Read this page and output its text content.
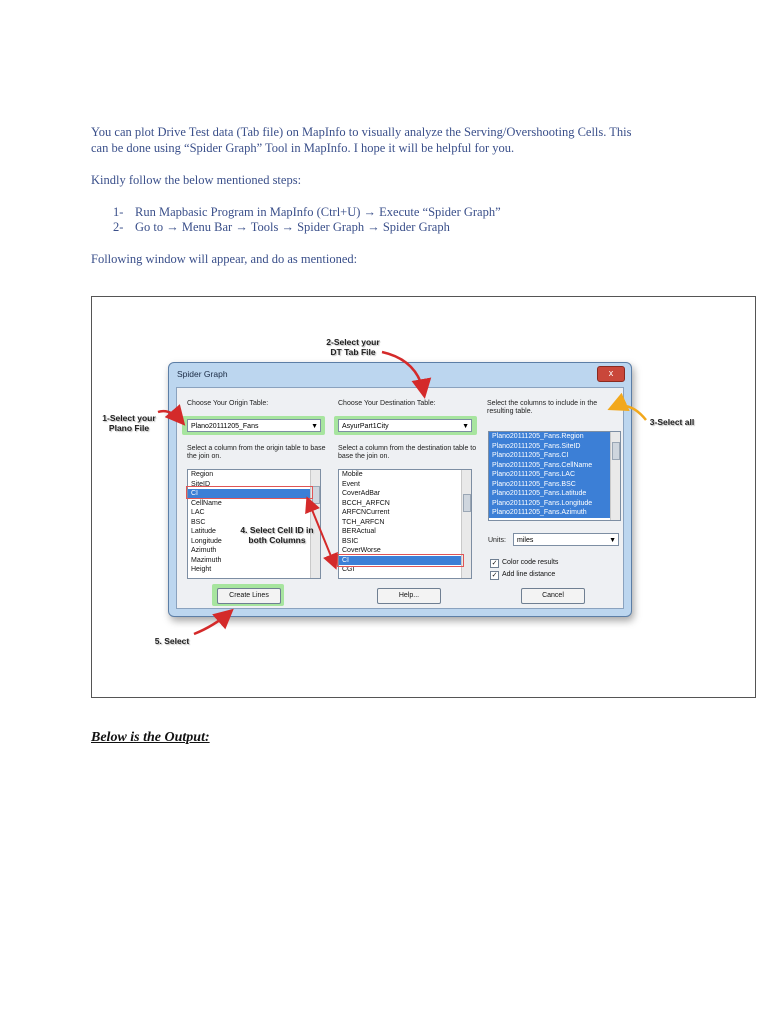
You can plot Drive Test data (Tab file) on MapInfo to visually analyze the Serving/Overshooting Cells. This
can be done using “Spider Graph” Tool in MapInfo. I hope it will be helpful for you.
Kindly follow the below mentioned steps:
1- Run Mapbasic Program in MapInfo (Ctrl+U) → Execute “Spider Graph”
2- Go to → Menu Bar → Tools → Spider Graph → Spider Graph
Following window will appear, and do as mentioned:
Spider Graph	x
Choose Your Origin Table:
Plano20111205_Fans	▼
Select a column from the origin table to base the join on.
Region
SiteID
CI
CellName
LAC
BSC
Latitude
Longitude
Azimuth
Mazimuth
Height
Choose Your Destination Table:
AsyurPart1City	▼
Select a column from the destination table to base the join on.
Mobile
Event
CoverAdBar
BCCH_ARFCN
ARFCNCurrent
TCH_ARFCN
BERActual
BSIC
CoverWorse
CI
CGI
Select the columns to include in the resulting table.
Plano20111205_Fans.Region
Plano20111205_Fans.SiteID
Plano20111205_Fans.CI
Plano20111205_Fans.CellName
Plano20111205_Fans.LAC
Plano20111205_Fans.BSC
Plano20111205_Fans.Latitude
Plano20111205_Fans.Longitude
Plano20111205_Fans.Azimuth
Units:	miles	▼
✓ Color code results
✓ Add line distance
Create Lines	Help...	Cancel
1-Select your Plano File
2-Select your DT Tab File
3-Select all
4. Select Cell ID in both Columns
5. Select
Below is the Output:
